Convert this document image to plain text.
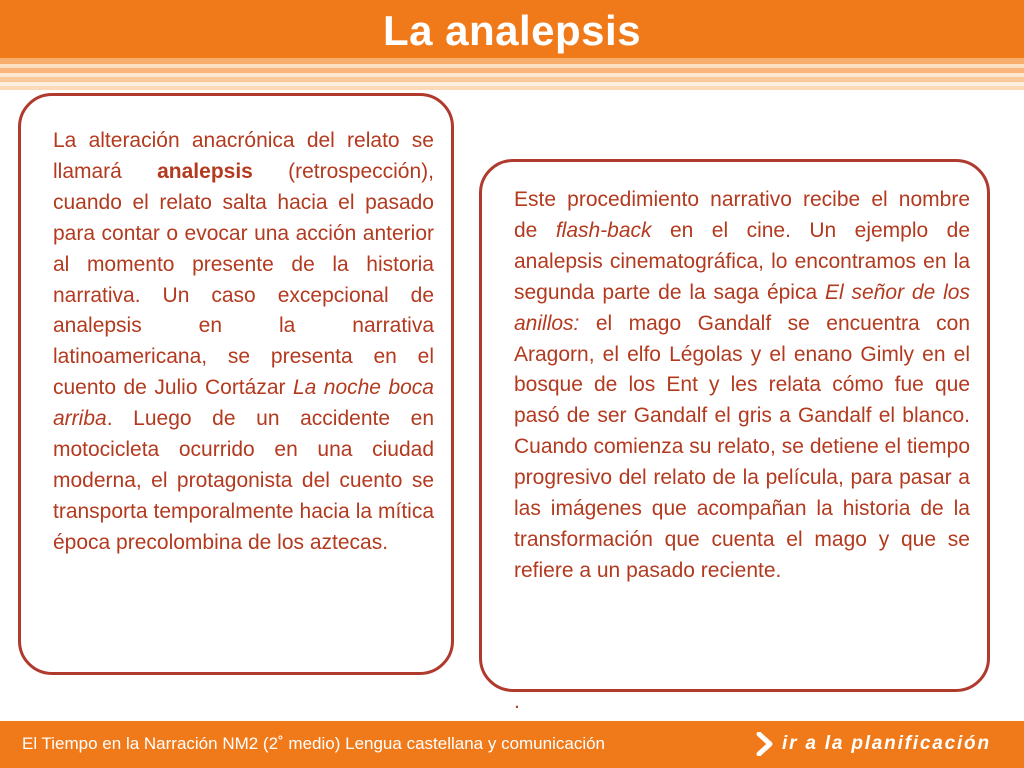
La analepsis

La alteración anacrónica del relato se llamará analepsis (retrospección), cuando el relato salta hacia el pasado para contar o evocar una acción anterior al momento presente de la historia narrativa. Un caso excepcional de analepsis en la narrativa latinoamericana, se presenta en el cuento de Julio Cortázar La noche boca arriba. Luego de un accidente en motocicleta ocurrido en una ciudad moderna, el protagonista del cuento se transporta temporalmente hacia la mítica época precolombina de los aztecas.

Este procedimiento narrativo recibe el nombre de flash-back en el cine. Un ejemplo de analepsis cinematográfica, lo encontramos en la segunda parte de la saga épica El señor de los anillos: el mago Gandalf se encuentra con Aragorn, el elfo Légolas y el enano Gimly en el bosque de los Ent y les relata cómo fue que pasó de ser Gandalf el gris a Gandalf el blanco. Cuando comienza su relato, se detiene el tiempo progresivo del relato de la película, para pasar a las imágenes que acompañan la historia de la transformación que cuenta el mago y que se refiere a un pasado reciente.

.
El Tiempo en la Narración NM2 (2˚ medio) Lengua castellana y comunicación	ir a la planificación
